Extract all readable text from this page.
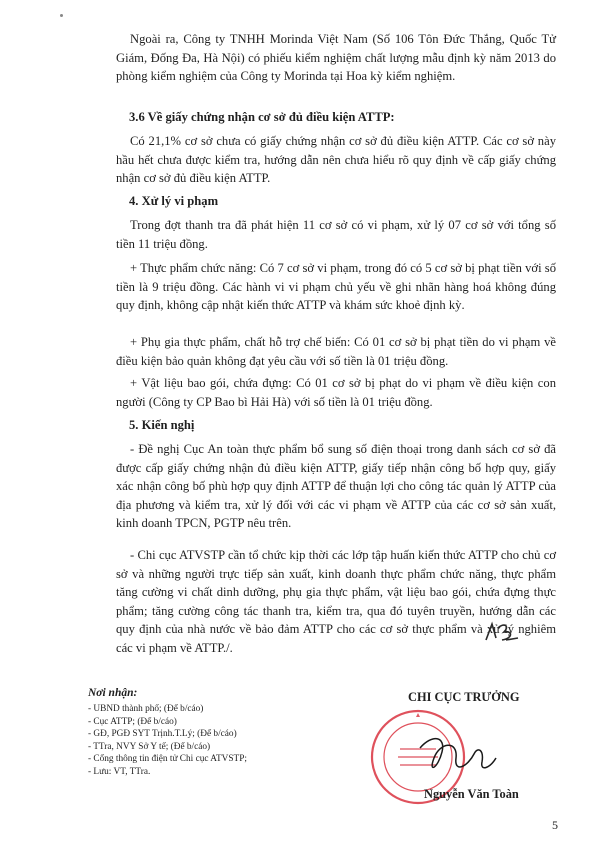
Ngoài ra, Công ty TNHH Morinda Việt Nam (Số 106 Tôn Đức Thắng, Quốc Tử Giám, Đống Đa, Hà Nội) có phiếu kiểm nghiệm chất lượng mẫu định kỳ năm 2013 do phòng kiểm nghiệm của Công ty Morinda tại Hoa kỳ kiểm nghiệm.

3.6 Về giấy chứng nhận cơ sở đủ điều kiện ATTP:

Có 21,1% cơ sở chưa có giấy chứng nhận cơ sở đủ điều kiện ATTP. Các cơ sở này hầu hết chưa được kiểm tra, hướng dẫn nên chưa hiểu rõ quy định về cấp giấy chứng nhận cơ sở đủ điều kiện ATTP.

4. Xử lý vi phạm

Trong đợt thanh tra đã phát hiện 11 cơ sở có vi phạm, xử lý 07 cơ sở với tổng số tiền 11 triệu đồng.

+ Thực phẩm chức năng: Có 7 cơ sở vi phạm, trong đó có 5 cơ sở bị phạt tiền với số tiền là 9 triệu đồng. Các hành vi vi phạm chủ yếu về ghi nhãn hàng hoá không đúng quy định, không cập nhật kiến thức ATTP và khám sức khoẻ định kỳ.

+ Phụ gia thực phẩm, chất hỗ trợ chế biến: Có 01 cơ sở bị phạt tiền do vi phạm về điều kiện bảo quản không đạt yêu cầu với số tiền là 01 triệu đồng.

+ Vật liệu bao gói, chứa đựng: Có 01 cơ sở bị phạt do vi phạm về điều kiện con người (Công ty CP Bao bì Hải Hà) với số tiền là 01 triệu đồng.

5. Kiến nghị

- Đề nghị Cục An toàn thực phẩm bổ sung số điện thoại trong danh sách cơ sở đã được cấp giấy chứng nhận đủ điều kiện ATTP, giấy tiếp nhận công bố hợp quy, giấy xác nhận công bố phù hợp quy định ATTP để thuận lợi cho công tác quản lý ATTP của địa phương và kiểm tra, xử lý đối với các vi phạm về ATTP của các cơ sở sản xuất, kinh doanh TPCN, PGTP nêu trên.

- Chi cục ATVSTP cần tổ chức kịp thời các lớp tập huấn kiến thức ATTP cho chủ cơ sở và những người trực tiếp sản xuất, kinh doanh thực phẩm chức năng, thực phẩm tăng cường vi chất dinh dưỡng, phụ gia thực phẩm, vật liệu bao gói, chứa đựng thực phẩm; tăng cường công tác thanh tra, kiểm tra, qua đó tuyên truyền, hướng dẫn các quy định của nhà nước về bảo đảm ATTP cho các cơ sở thực phẩm và xử lý nghiêm các vi phạm về ATTP./.

Nơi nhận:
- UBND thành phố; (Để b/cáo)
- Cục ATTP; (Để b/cáo)
- GĐ, PGĐ SYT Trịnh.T.Lý; (Để b/cáo)
- TTra, NVY Sở Y tế; (Để b/cáo)
- Cổng thông tin điện tử Chi cục ATVSTP;
- Lưu: VT, TTra.
CHI CỤC TRƯỞNG
Nguyễn Văn Toàn
5
